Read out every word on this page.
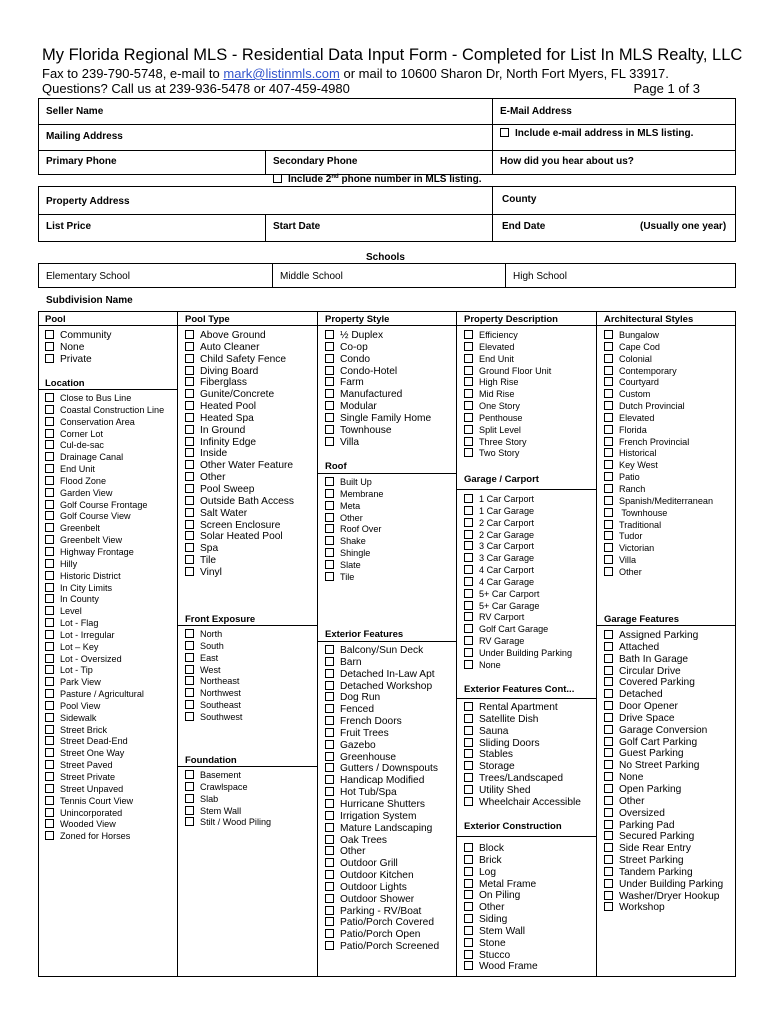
My Florida Regional MLS - Residential Data Input Form - Completed for List In MLS Realty, LLC
Fax to 239-790-5748, e-mail to mark@listinmls.com or mail to 10600 Sharon Dr, North Fort Myers, FL 33917.
Questions? Call us at 239-936-5478 or 407-459-4980	Page 1 of 3
Seller Name	E-Mail Address
Mailing Address	Include e-mail address in MLS listing.
Primary Phone	Secondary Phone	How did you hear about us?
Include 2nd phone number in MLS listing.
Property Address	County
List Price	Start Date	End Date	(Usually one year)
Schools
Elementary School	Middle School	High School
Subdivision Name
Pool
Community
None
Private
Location
Close to Bus Line
Coastal Construction Line
Conservation Area
Corner Lot
Cul-de-sac
Drainage Canal
End Unit
Flood Zone
Garden View
Golf Course Frontage
Golf Course View
Greenbelt
Greenbelt View
Highway Frontage
Hilly
Historic District
In City Limits
In County
Level
Lot - Flag
Lot - Irregular
Lot – Key
Lot - Oversized
Lot - Tip
Park View
Pasture / Agricultural
Pool View
Sidewalk
Street Brick
Street Dead-End
Street One Way
Street Paved
Street Private
Street Unpaved
Tennis Court View
Unincorporated
Wooded View
Zoned for Horses
Pool Type
Above Ground
Auto Cleaner
Child Safety Fence
Diving Board
Fiberglass
Gunite/Concrete
Heated Pool
Heated Spa
In Ground
Infinity Edge
Inside
Other Water Feature
Other
Pool Sweep
Outside Bath Access
Salt Water
Screen Enclosure
Solar Heated Pool
Spa
Tile
Vinyl
Front Exposure
North
South
East
West
Northeast
Northwest
Southeast
Southwest
Foundation
Basement
Crawlspace
Slab
Stem Wall
Stilt / Wood Piling
Property Style
½ Duplex
Co-op
Condo
Condo-Hotel
Farm
Manufactured
Modular
Single Family Home
Townhouse
Villa
Roof
Built Up
Membrane
Meta
Other
Roof Over
Shake
Shingle
Slate
Tile
Exterior Features
Balcony/Sun Deck
Barn
Detached In-Law Apt
Detached Workshop
Dog Run
Fenced
French Doors
Fruit Trees
Gazebo
Greenhouse
Gutters / Downspouts
Handicap Modified
Hot Tub/Spa
Hurricane Shutters
Irrigation System
Mature Landscaping
Oak Trees
Other
Outdoor Grill
Outdoor Kitchen
Outdoor Lights
Outdoor Shower
Parking - RV/Boat
Patio/Porch Covered
Patio/Porch Open
Patio/Porch Screened
Property Description
Efficiency
Elevated
End Unit
Ground Floor Unit
High Rise
Mid Rise
One Story
Penthouse
Split Level
Three Story
Two Story
Garage / Carport
1 Car Carport
1 Car Garage
2 Car Carport
2 Car Garage
3 Car Carport
3 Car Garage
4 Car Carport
4 Car Garage
5+ Car Carport
5+ Car Garage
RV Carport
Golf Cart Garage
RV Garage
Under Building Parking
None
Exterior Features Cont...
Rental Apartment
Satellite Dish
Sauna
Sliding Doors
Stables
Storage
Trees/Landscaped
Utility Shed
Wheelchair Accessible
Exterior Construction
Block
Brick
Log
Metal Frame
On Piling
Other
Siding
Stem Wall
Stone
Stucco
Wood Frame
Architectural Styles
Bungalow
Cape Cod
Colonial
Contemporary
Courtyard
Custom
Dutch Provincial
Elevated
Florida
French Provincial
Historical
Key West
Patio
Ranch
Spanish/Mediterranean
Townhouse
Traditional
Tudor
Victorian
Villa
Other
Garage Features
Assigned Parking
Attached
Bath In Garage
Circular Drive
Covered Parking
Detached
Door Opener
Drive Space
Garage Conversion
Golf Cart Parking
Guest Parking
No Street Parking
None
Open Parking
Other
Oversized
Parking Pad
Secured Parking
Side Rear Entry
Street Parking
Tandem Parking
Under Building Parking
Washer/Dryer Hookup
Workshop
